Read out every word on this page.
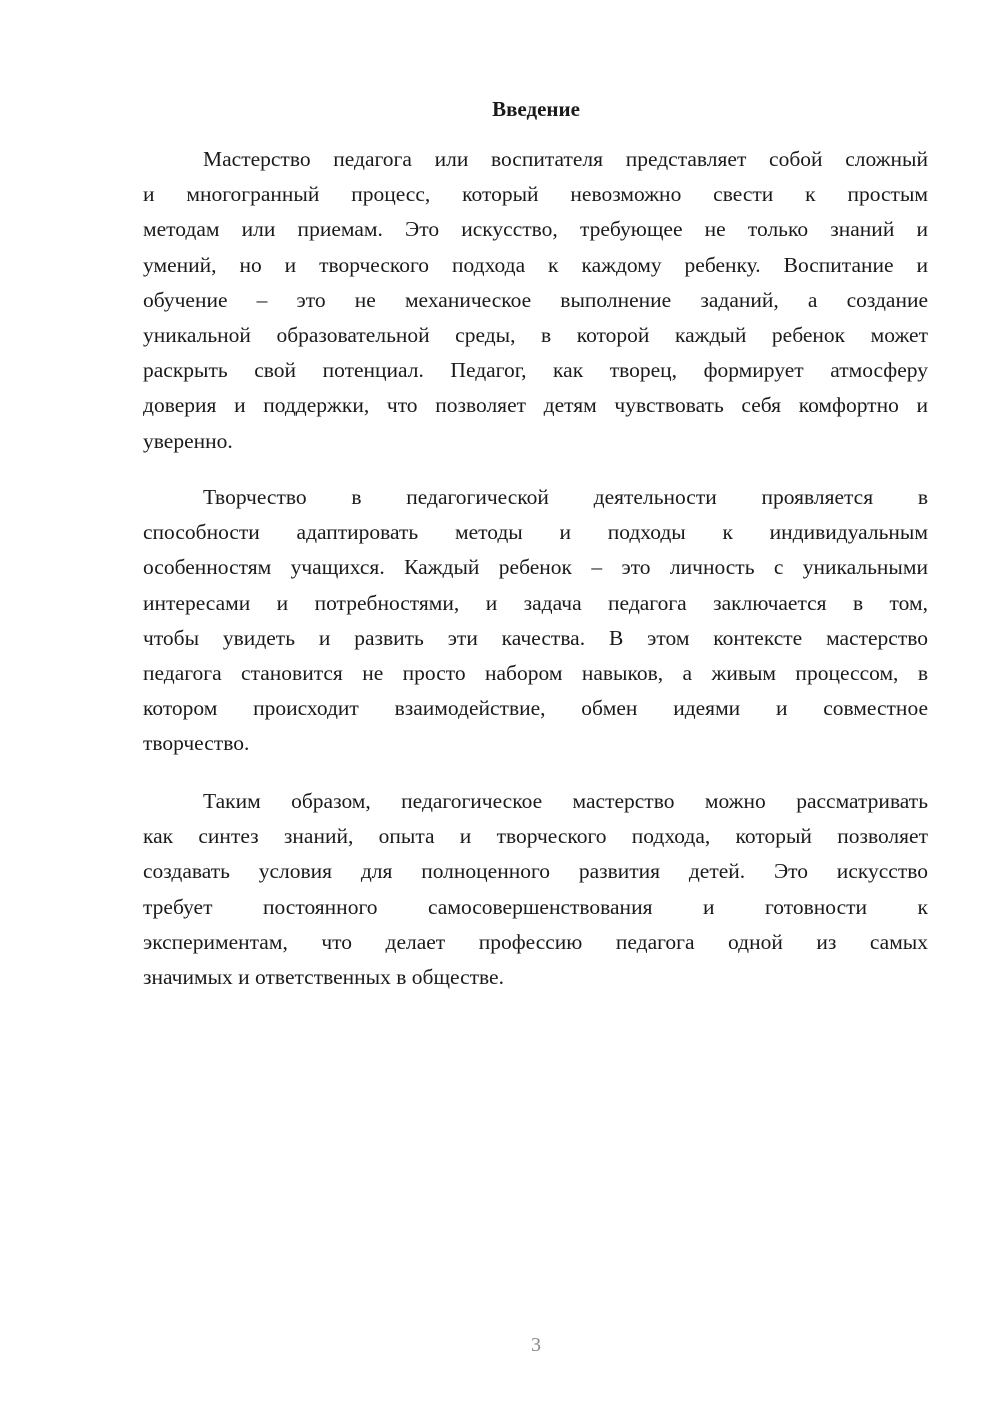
Введение
Мастерство педагога или воспитателя представляет собой сложный
и многогранный процесс, который невозможно свести к простым
методам или приемам. Это искусство, требующее не только знаний и
умений, но и творческого подхода к каждому ребенку. Воспитание и
обучение – это не механическое выполнение заданий, а создание
уникальной образовательной среды, в которой каждый ребенок может
раскрыть свой потенциал. Педагог, как творец, формирует атмосферу
доверия и поддержки, что позволяет детям чувствовать себя комфортно и
уверенно.
Творчество в педагогической деятельности проявляется в
способности адаптировать методы и подходы к индивидуальным
особенностям учащихся. Каждый ребенок – это личность с уникальными
интересами и потребностями, и задача педагога заключается в том,
чтобы увидеть и развить эти качества. В этом контексте мастерство
педагога становится не просто набором навыков, а живым процессом, в
котором происходит взаимодействие, обмен идеями и совместное
творчество.
Таким образом, педагогическое мастерство можно рассматривать
как синтез знаний, опыта и творческого подхода, который позволяет
создавать условия для полноценного развития детей. Это искусство
требует постоянного самосовершенствования и готовности к
экспериментам, что делает профессию педагога одной из самых
значимых и ответственных в обществе.
3
